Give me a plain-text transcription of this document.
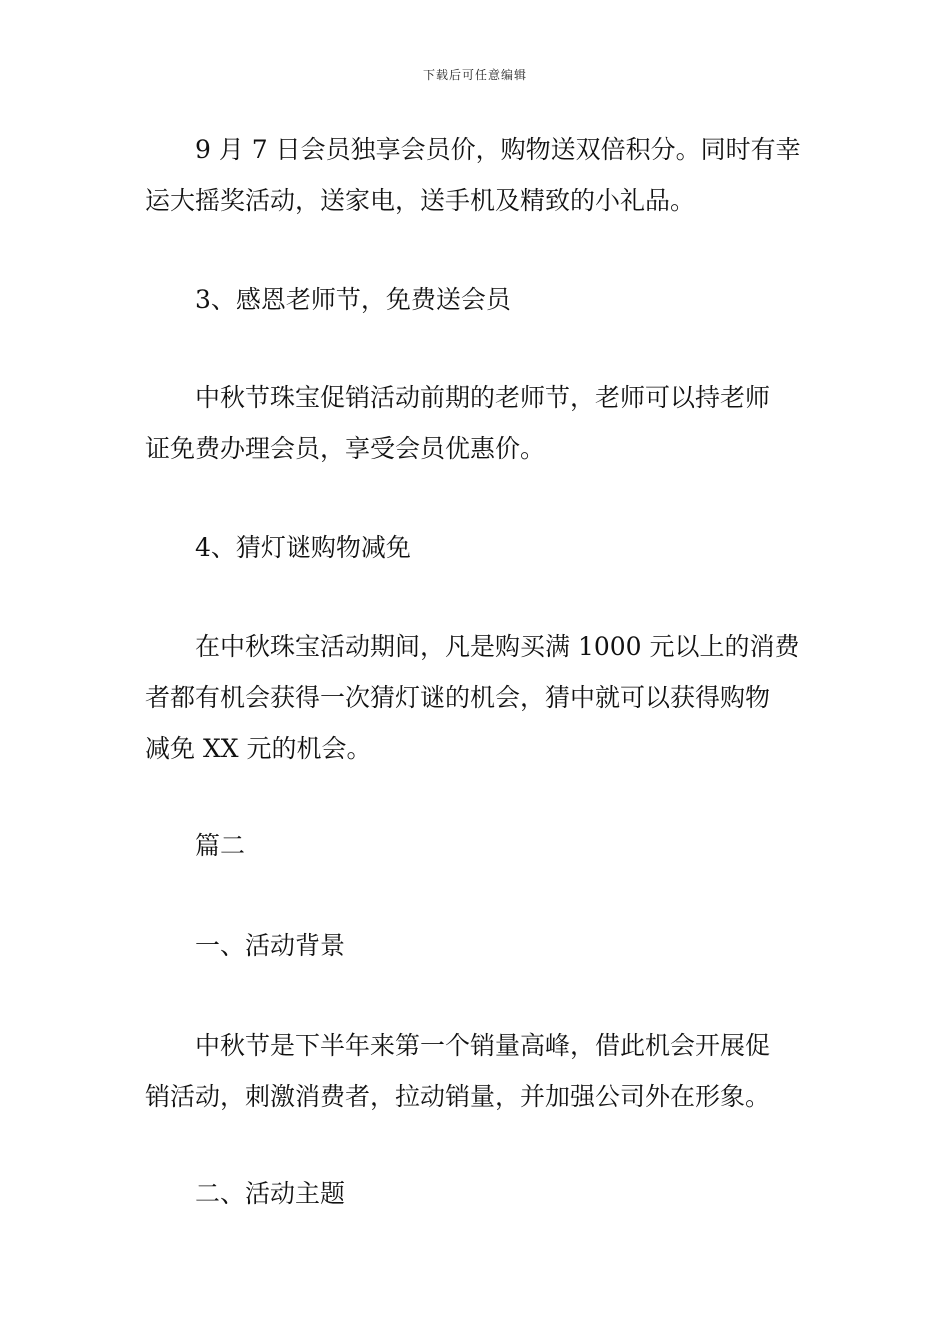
下载后可任意编辑
9 月 7 日会员独享会员价，购物送双倍积分。同时有幸
运大摇奖活动，送家电，送手机及精致的小礼品。
3、感恩老师节，免费送会员
中秋节珠宝促销活动前期的老师节，老师可以持老师
证免费办理会员，享受会员优惠价。
4、猜灯谜购物减免
在中秋珠宝活动期间，凡是购买满 1000 元以上的消费
者都有机会获得一次猜灯谜的机会，猜中就可以获得购物
减免 XX 元的机会。
篇二
一、活动背景
中秋节是下半年来第一个销量高峰，借此机会开展促
销活动，刺激消费者，拉动销量，并加强公司外在形象。
二、活动主题
